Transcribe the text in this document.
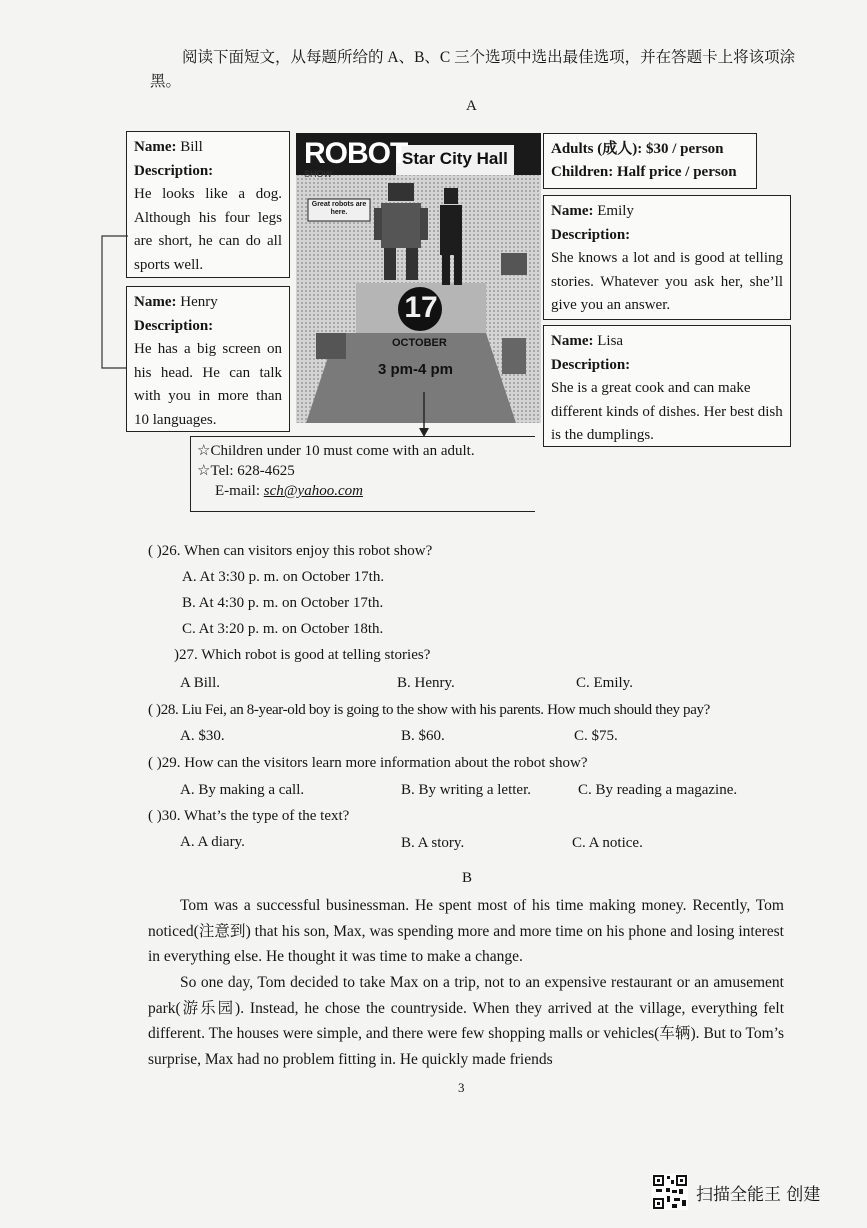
阅读下面短文，从每题所给的 A、B、C 三个选项中选出最佳选项，并在答题卡上将该项涂黑。
A

Name: Bill

Description:

He looks like a dog. Although his four legs are short, he can do all sports well.

Name: Henry

Description:

He has a big screen on his head. He can talk with you in more than 10 languages.

Adults (成人): $30 / person

Children: Half price / person

Name: Emily

Description:

She knows a lot and is good at telling stories. Whatever you ask her, she’ll give you an answer.

Name: Lisa

Description:

She is a great cook and can make different kinds of dishes. Her best dish is the dumplings.

ROBOT
SHOW
Star City Hall
Great robots are here.
17
OCTOBER
3 pm-4 pm
☆Children under 10 must come with an adult.
☆Tel: 628-4625
E-mail: sch@yahoo.com
( )26. When can visitors enjoy this robot show?
A. At 3:30 p. m. on October 17th.
B. At 4:30 p. m. on October 17th.
C. At 3:20 p. m. on October 18th.
)27. Which robot is good at telling stories?
A Bill.	B. Henry.	C. Emily.
( )28. Liu Fei, an 8-year-old boy is going to the show with his parents. How much should they pay?
A. $30.	B. $60.	C. $75.
( )29. How can the visitors learn more information about the robot show?
A. By making a call.	B. By writing a letter.	C. By reading a magazine.
( )30. What’s the type of the text?
A. A diary.	B. A story.	C. A notice.
B
Tom was a successful businessman. He spent most of his time making money. Recently, Tom noticed(注意到) that his son, Max, was spending more and more time on his phone and losing interest in everything else. He thought it was time to make a change.
So one day, Tom decided to take Max on a trip, not to an expensive restaurant or an amusement park(游乐园). Instead, he chose the countryside. When they arrived at the village, everything felt different. The houses were simple, and there were few shopping malls or vehicles(车辆). But to Tom’s surprise, Max had no problem fitting in. He quickly made friends
3
扫描全能王 创建
